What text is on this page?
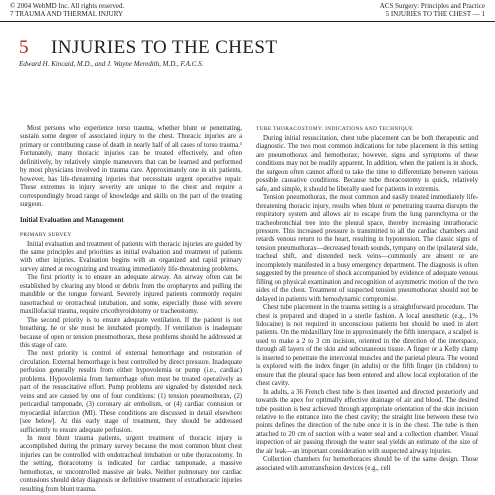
© 2004 WebMD Inc. All rights reserved.
7 TRAUMA AND THERMAL INJURY
ACS Surgery: Principles and Practice
5 INJURIES TO THE CHEST — 1
5 INJURIES TO THE CHEST
Edward H. Kincaid, M.D., and J. Wayne Meredith, M.D., F.A.C.S.

Most persons who experience torso trauma, whether blunt or penetrating, sustain some degree of associated injury to the chest. Thoracic injuries are a primary or contributing cause of death in nearly half of all cases of torso trauma.¹ Fortunately, many thoracic injuries can be treated effectively, and often definitively, by relatively simple maneuvers that can be learned and performed by most physicians involved in trauma care. Approximately one in six patients, however, has life-threatening injuries that necessitate urgent operative repair. These extremes in injury severity are unique to the chest and require a correspondingly broad range of knowledge and skills on the part of the treating surgeon.

Initial Evaluation and Management
PRIMARY SURVEY

Initial evaluation and treatment of patients with thoracic injuries are guided by the same principles and priorities as initial evaluation and treatment of patients with other injuries. Evaluation begins with an organized and rapid primary survey aimed at recognizing and treating immediately life-threatening problems.

The first priority is to ensure an adequate airway. An airway often can be established by clearing any blood or debris from the oropharynx and pulling the mandible or the tongue forward. Severely injured patients commonly require nasotracheal or orotracheal intubation, and some, especially those with severe maxillofacial trauma, require cricothyroidotomy or tracheostomy.

The second priority is to ensure adequate ventilation. If the patient is not breathing, he or she must be intubated promptly. If ventilation is inadequate because of open or tension pneumothorax, these problems should be addressed at this stage of care.

The next priority is control of external hemorrhage and restoration of circulation. External hemorrhage is best controlled by direct pressure. Inadequate perfusion generally results from either hypovolemia or pump (i.e., cardiac) problems. Hypovolemia from hemorrhage often must be treated operatively as part of the resuscitative effort. Pump problems are signaled by distended neck veins and are caused by one of four conditions: (1) tension pneumothorax, (2) pericardial tamponade, (3) coronary air embolism, or (4) cardiac contusion or myocardial infarction (MI). These conditions are discussed in detail elsewhere [see below]. At this early stage of treatment, they should be addressed sufficiently to ensure adequate perfusion.

In most blunt trauma patients, urgent treatment of thoracic injury is accomplished during the primary survey because the most common blunt chest injuries can be controlled with endotracheal intubation or tube thoracostomy. In the setting, thoracotomy is indicated for cardiac tamponade, a massive hemothorax, or uncontrolled massive air leaks. Neither pulmonary nor cardiac contusions should delay diagnosis or definitive treatment of extrathoracic injuries resulting from blunt trauma.

TUBE THORACOSTOMY: INDICATIONS AND TECHNIQUE

During initial resuscitation, chest tube placement can be both therapeutic and diagnostic. The two most common indications for tube placement in this setting are pneumothorax and hemothorax; however, signs and symptoms of these conditions may not be readily apparent. In addition, when the patient is in shock, the surgeon often cannot afford to take the time to differentiate between various possible causative conditions. Because tube thoracostomy is quick, relatively safe, and simple, it should be liberally used for patients in extremis.

Tension pneumothorax, the most common and easily treated immediately life-threatening thoracic injury, results when blunt or penetrating trauma disrupts the respiratory system and allows air to escape from the lung parenchyma or the tracheobronchial tree into the pleural space, thereby increasing intrathoracic pressure. This increased pressure is transmitted to all the cardiac chambers and retards venous return to the heart, resulting in hypotension. The classic signs of tension pneumothorax—decreased breath sounds, tympany on the ipsilateral side, tracheal shift, and distended neck veins—commonly are absent or are incompletely manifested in a busy emergency department. The diagnosis is often suggested by the presence of shock accompanied by evidence of adequate venous filling on physical examination and recognition of asymmetric motion of the two sides of the chest. Treatment of suspected tension pneumothorax should not be delayed in patients with hemodynamic compromise.

Chest tube placement in the trauma setting is a straightforward procedure. The chest is prepared and draped in a sterile fashion. A local anesthetic (e.g., 1% lidocaine) is not required in unconscious patients but should be used in alert patients. On the midaxillary line in approximately the fifth interspace, a scalpel is used to make a 2 to 3 cm incision, oriented in the direction of the interspace, through all layers of the skin and subcutaneous tissue. A finger or a Kelly clamp is inserted to penetrate the intercostal muscles and the parietal pleura. The wound is explored with the index finger (in adults) or the fifth finger (in children) to ensure that the pleural space has been entered and allow local exploration of the chest cavity.

In adults, a 36 French chest tube is then inserted and directed posteriorly and towards the apex for optimally effective drainage of air and blood. The desired tube position is best achieved through appropriate orientation of the skin incision relative to the entrance into the chest cavity; the straight line between these two points defines the direction of the tube once it is in the chest. The tube is then attached to 20 cm of suction with a water seal and a collection chamber. Visual inspection of air passing through the water seal yields an estimate of the size of the air leak—an important consideration with suspected airway injuries.

Collection chambers for hemothoraces should be of the same design. Those associated with autotransfusion devices (e.g., cell
